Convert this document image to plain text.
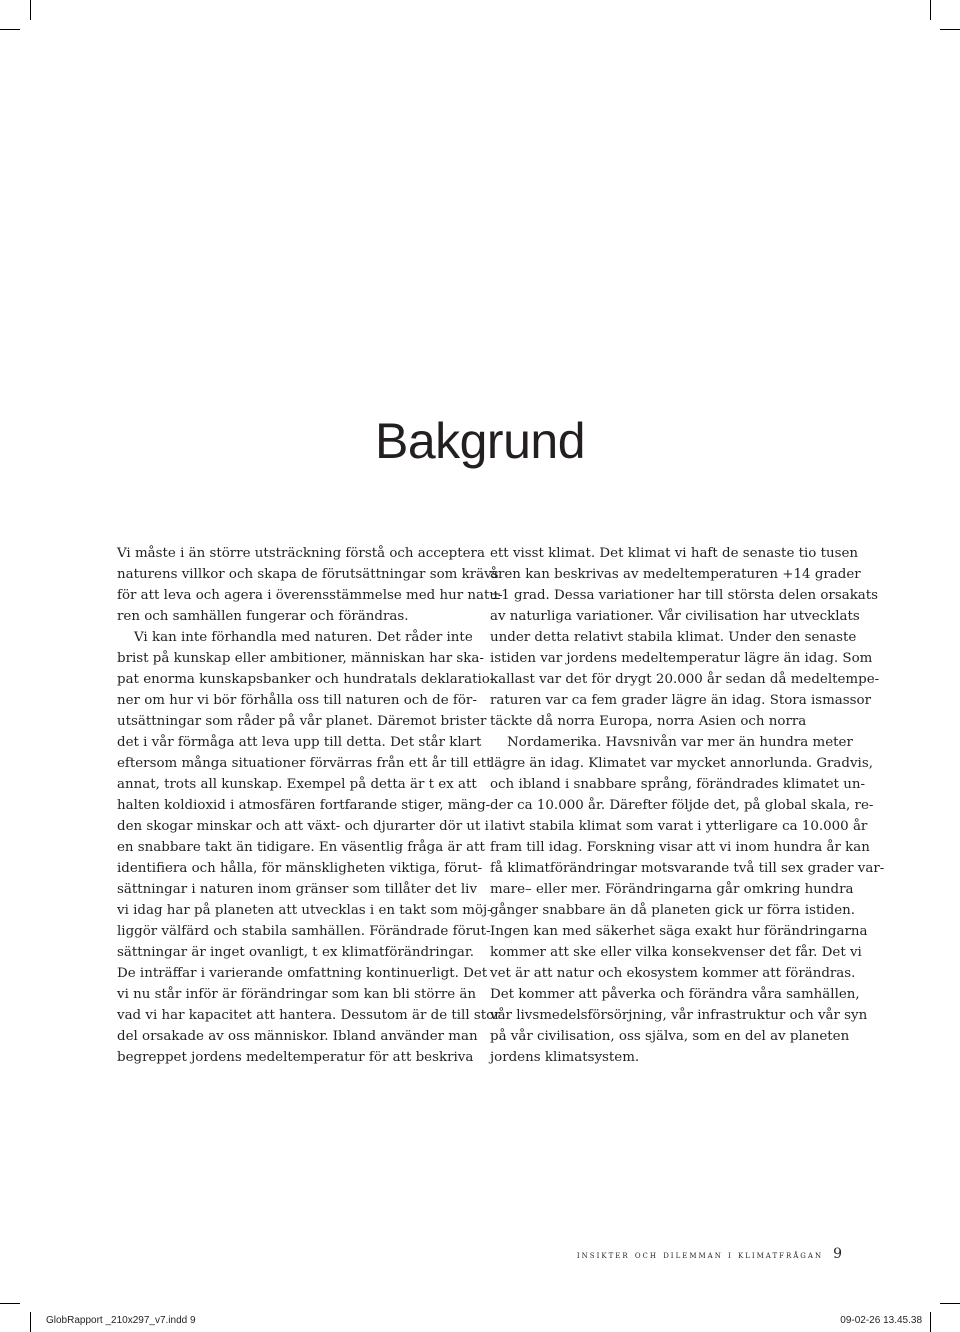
Bakgrund
Vi måste i än större utsträckning förstå och acceptera
naturens villkor och skapa de förutsättningar som krävs
för att leva och agera i överensstämmelse med hur natu-
ren och samhällen fungerar och förändras.
Vi kan inte förhandla med naturen. Det råder inte
brist på kunskap eller ambitioner, människan har ska-
pat enorma kunskapsbanker och hundratals deklaratio-
ner om hur vi bör förhålla oss till naturen och de för-
utsättningar som råder på vår planet. Däremot brister
det i vår förmåga att leva upp till detta. Det står klart
eftersom många situationer förvärras från ett år till ett
annat, trots all kunskap. Exempel på detta är t ex att
halten koldioxid i atmosfären fortfarande stiger, mäng-
den skogar minskar och att växt- och djurarter dör ut i
en snabbare takt än tidigare. En väsentlig fråga är att
identifiera och hålla, för mänskligheten viktiga, förut-
sättningar i naturen inom gränser som tillåter det liv
vi idag har på planeten att utvecklas i en takt som möj-
liggör välfärd och stabila samhällen. Förändrade förut-
sättningar är inget ovanligt, t ex klimatförändringar.
De inträffar i varierande omfattning kontinuerligt. Det
vi nu står inför är förändringar som kan bli större än
vad vi har kapacitet att hantera. Dessutom är de till stor
del orsakade av oss människor. Ibland använder man
begreppet jordens medeltemperatur för att beskriva
ett visst klimat. Det klimat vi haft de senaste tio tusen
åren kan beskrivas av medeltemperaturen +14 grader
±1 grad. Dessa variationer har till största delen orsakats
av naturliga variationer. Vår civilisation har utvecklats
under detta relativt stabila klimat. Under den senaste
istiden var jordens medeltemperatur lägre än idag. Som
kallast var det för drygt 20.000 år sedan då medeltempe-
raturen var ca fem grader lägre än idag. Stora ismassor
täckte då norra Europa, norra Asien och norra
Nordamerika. Havsnivån var mer än hundra meter
lägre än idag. Klimatet var mycket annorlunda. Gradvis,
och ibland i snabbare språng, förändrades klimatet un-
der ca 10.000 år. Därefter följde det, på global skala, re-
lativt stabila klimat som varat i ytterligare ca 10.000 år
fram till idag. Forskning visar att vi inom hundra år kan
få klimatförändringar motsvarande två till sex grader var-
mare– eller mer. Förändringarna går omkring hundra
gånger snabbare än då planeten gick ur förra istiden.
Ingen kan med säkerhet säga exakt hur förändringarna
kommer att ske eller vilka konsekvenser det får. Det vi
vet är att natur och ekosystem kommer att förändras.
Det kommer att påverka och förändra våra samhällen,
vår livsmedelsförsörjning, vår infrastruktur och vår syn
på vår civilisation, oss själva, som en del av planeten
jordens klimatsystem.
insikter och dilemman i klimatfrågan 9
GlobRapport _210x297_v7.indd 9	09-02-26 13.45.38
